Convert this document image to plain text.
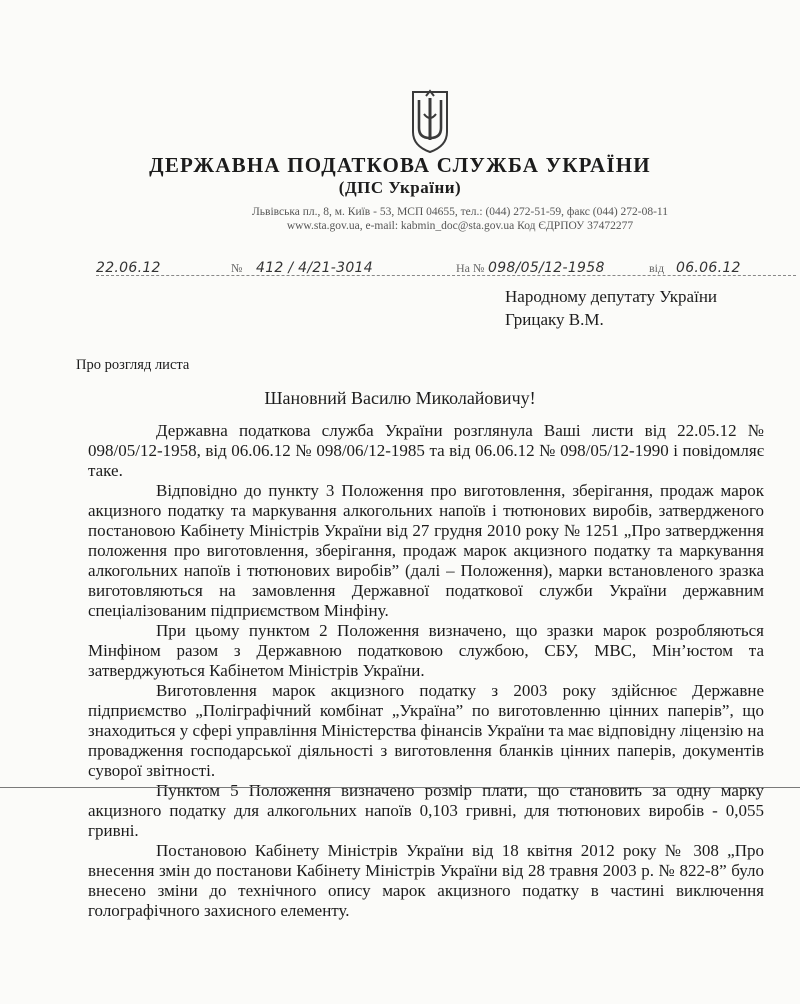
ДЕРЖАВНА ПОДАТКОВА СЛУЖБА УКРАЇНИ
(ДПС України)
Львівська пл., 8, м. Київ - 53, МСП 04655, тел.: (044) 272-51-59, факс (044) 272-08-11
www.sta.gov.ua, e-mail: kabmin_doc@sta.gov.ua Код ЄДРПОУ 37472277
22.06.12	№ 412 / 4/21-3014	На № 098/05/12-1958	від 06.06.12
Народному депутату України
Грицаку В.М.
Про розгляд листа
Шановний Василю Миколайовичу!

Державна податкова служба України розглянула Ваші листи від 22.05.12 № 098/05/12-1958, від 06.06.12 № 098/06/12-1985 та від 06.06.12 № 098/05/12-1990 і повідомляє таке.

Відповідно до пункту 3 Положення про виготовлення, зберігання, продаж марок акцизного податку та маркування алкогольних напоїв і тютюнових виробів, затвердженого постановою Кабінету Міністрів України від 27 грудня 2010 року № 1251 „Про затвердження положення про виготовлення, зберігання, продаж марок акцизного податку та маркування алкогольних напоїв і тютюнових виробів” (далі – Положення), марки встановленого зразка виготовляються на замовлення Державної податкової служби України державним спеціалізованим підприємством Мінфіну.

При цьому пунктом 2 Положення визначено, що зразки марок розробляються Мінфіном разом з Державною податковою службою, СБУ, МВС, Мін’юстом та затверджуються Кабінетом Міністрів України.

Виготовлення марок акцизного податку з 2003 року здійснює Державне підприємство „Поліграфічний комбінат „Україна” по виготовленню цінних паперів”, що знаходиться у сфері управління Міністерства фінансів України та має відповідну ліцензію на провадження господарської діяльності з виготовлення бланків цінних паперів, документів суворої звітності.

Пунктом 5 Положення визначено розмір плати, що становить за одну марку акцизного податку для алкогольних напоїв 0,103 гривні, для тютюнових виробів - 0,055 гривні.

Постановою Кабінету Міністрів України від 18 квітня 2012 року № 308 „Про внесення змін до постанови Кабінету Міністрів України від 28 травня 2003 р. № 822-8” було внесено зміни до технічного опису марок акцизного податку в частині виключення голографічного захисного елементу.
